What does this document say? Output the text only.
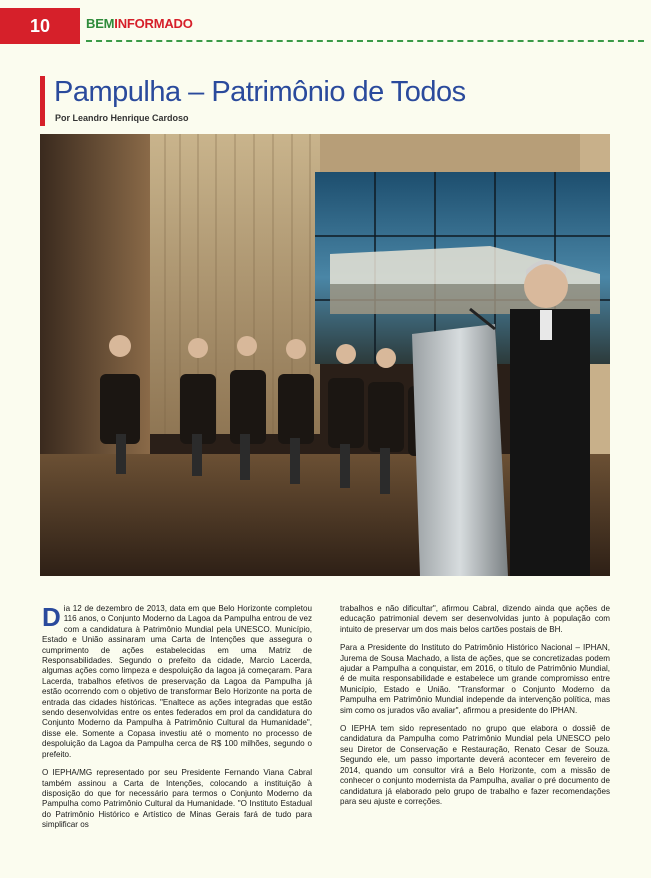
10	BEMINFORMADO
Pampulha – Patrimônio de Todos
Por Leandro Henrique Cardoso

Dia 12 de dezembro de 2013, data em que Belo Horizonte completou 116 anos, o Conjunto Moderno da Lagoa da Pampulha entrou de vez com a candidatura à Patrimônio Mundial pela UNESCO. Município, Estado e União assinaram uma Carta de Intenções que assegura o cumprimento de ações estabelecidas em uma Matriz de Responsabilidades. Segundo o prefeito da cidade, Marcio Lacerda, algumas ações como limpeza e despoluição da lagoa já começaram. Para Lacerda, trabalhos efetivos de preservação da Lagoa da Pampulha já estão ocorrendo com o objetivo de transformar Belo Horizonte na porta de entrada das cidades históricas. "Enaltece as ações integradas que estão sendo desenvolvidas entre os entes federados em prol da candidatura do Conjunto Moderno da Pampulha à Patrimônio Cultural da Humanidade", disse ele. Somente a Copasa investiu até o momento no processo de despoluição da Lagoa da Pampulha cerca de R$ 100 milhões, segundo o prefeito.

O IEPHA/MG representado por seu Presidente Fernando Viana Cabral também assinou a Carta de Intenções, colocando a instituição à disposição do que for necessário para termos o Conjunto Moderno da Pampulha como Patrimônio Cultural da Humanidade. "O Instituto Estadual do Patrimônio Histórico e Artístico de Minas Gerais fará de tudo para simplificar os

trabalhos e não dificultar", afirmou Cabral, dizendo ainda que ações de educação patrimonial devem ser desenvolvidas junto à população com intuito de preservar um dos mais belos cartões postais de BH.

Para a Presidente do Instituto do Patrimônio Histórico Nacional – IPHAN, Jurema de Sousa Machado, a lista de ações, que se concretizadas podem ajudar a Pampulha a conquistar, em 2016, o título de Patrimônio Mundial, é de muita responsabilidade e estabelece um grande compromisso entre Município, Estado e União. "Transformar o Conjunto Moderno da Pampulha em Patrimônio Mundial independe da intervenção política, mas sim como os jurados vão avaliar", afirmou a presidente do IPHAN.

O IEPHA tem sido representado no grupo que elabora o dossiê de candidatura da Pampulha como Patrimônio Mundial pela UNESCO pelo seu Diretor de Conservação e Restauração, Renato Cesar de Souza. Segundo ele, um passo importante deverá acontecer em fevereiro de 2014, quando um consultor virá a Belo Horizonte, com a missão de conhecer o conjunto modernista da Pampulha, avaliar o pré documento de candidatura já elaborado pelo grupo de trabalho e fazer recomendações para seu ajuste e correções.
